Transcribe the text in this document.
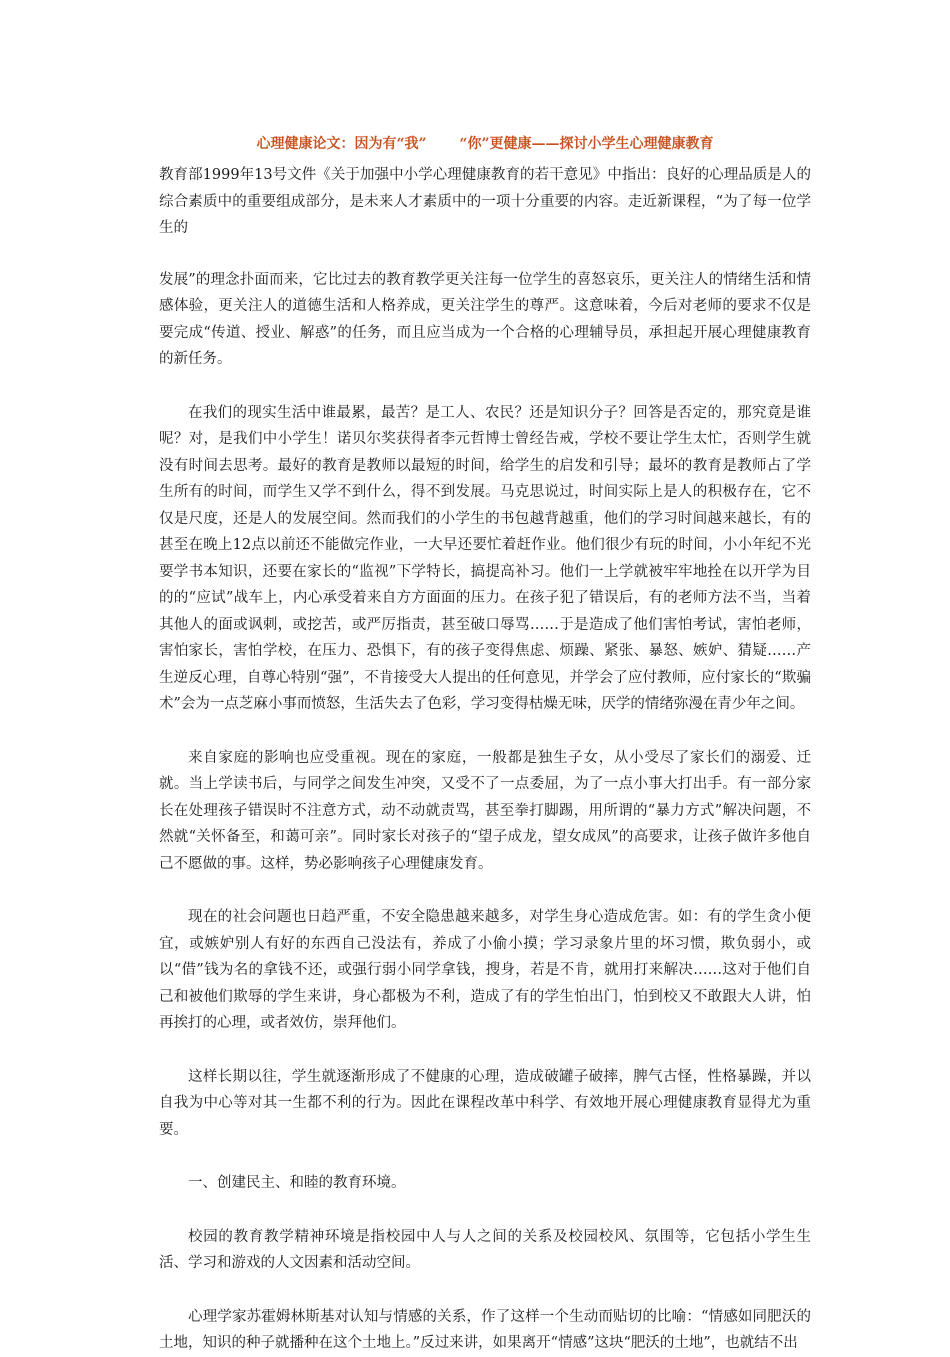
心理健康论文：因为有“我”　　 “你”更健康——探讨小学生心理健康教育

教育部1999年13号文件《关于加强中小学心理健康教育的若干意见》中指出：良好的心理品质是人的综合素质中的重要组成部分，是未来人才素质中的一项十分重要的内容。走近新课程，“为了每一位学生的

发展”的理念扑面而来，它比过去的教育教学更关注每一位学生的喜怒哀乐，更关注人的情绪生活和情感体验，更关注人的道德生活和人格养成，更关注学生的尊严。这意味着，今后对老师的要求不仅是要完成“传道、授业、解惑”的任务，而且应当成为一个合格的心理辅导员，承担起开展心理健康教育的新任务。

在我们的现实生活中谁最累，最苦？是工人、农民？还是知识分子？回答是否定的，那究竟是谁呢？对，是我们中小学生！诺贝尔奖获得者李元哲博士曾经告戒，学校不要让学生太忙，否则学生就没有时间去思考。最好的教育是教师以最短的时间，给学生的启发和引导；最坏的教育是教师占了学生所有的时间，而学生又学不到什么，得不到发展。马克思说过，时间实际上是人的积极存在，它不仅是尺度，还是人的发展空间。然而我们的小学生的书包越背越重，他们的学习时间越来越长，有的甚至在晚上12点以前还不能做完作业，一大早还要忙着赶作业。他们很少有玩的时间，小小年纪不光要学书本知识，还要在家长的“监视”下学特长，搞提高补习。他们一上学就被牢牢地拴在以开学为目的的“应试”战车上，内心承受着来自方方面面的压力。在孩子犯了错误后，有的老师方法不当，当着其他人的面或讽刺，或挖苦，或严厉指责，甚至破口辱骂……于是造成了他们害怕考试，害怕老师，害怕家长，害怕学校，在压力、恐惧下，有的孩子变得焦虑、烦躁、紧张、暴怒、嫉妒、猜疑……产生逆反心理，自尊心特别“强”，不肯接受大人提出的任何意见，并学会了应付教师，应付家长的“欺骗术”会为一点芝麻小事而愤怒，生活失去了色彩，学习变得枯燥无味，厌学的情绪弥漫在青少年之间。

来自家庭的影响也应受重视。现在的家庭，一般都是独生子女，从小受尽了家长们的溺爱、迁就。当上学读书后，与同学之间发生冲突，又受不了一点委屈，为了一点小事大打出手。有一部分家长在处理孩子错误时不注意方式，动不动就责骂，甚至拳打脚踢，用所谓的“暴力方式”解决问题，不然就“关怀备至，和蔼可亲”。同时家长对孩子的“望子成龙，望女成凤”的高要求，让孩子做许多他自己不愿做的事。这样，势必影响孩子心理健康发育。

现在的社会问题也日趋严重，不安全隐患越来越多，对学生身心造成危害。如：有的学生贪小便宜，或嫉妒别人有好的东西自己没法有，养成了小偷小摸；学习录象片里的坏习惯，欺负弱小，或以“借”钱为名的拿钱不还，或强行弱小同学拿钱，搜身，若是不肯，就用打来解决……这对于他们自己和被他们欺辱的学生来讲，身心都极为不利，造成了有的学生怕出门，怕到校又不敢跟大人讲，怕再挨打的心理，或者效仿，崇拜他们。

这样长期以往，学生就逐渐形成了不健康的心理，造成破罐子破摔，脾气古怪，性格暴躁，并以自我为中心等对其一生都不利的行为。因此在课程改革中科学、有效地开展心理健康教育显得尤为重要。

一、创建民主、和睦的教育环境。

校园的教育教学精神环境是指校园中人与人之间的关系及校园校风、氛围等，它包括小学生生活、学习和游戏的人文因素和活动空间。

心理学家苏霍姆林斯基对认知与情感的关系，作了这样一个生动而贴切的比喻：“情感如同肥沃的土地，知识的种子就播种在这个土地上。”反过来讲，如果离开“情感”这块“肥沃的土地”，也就结不出
